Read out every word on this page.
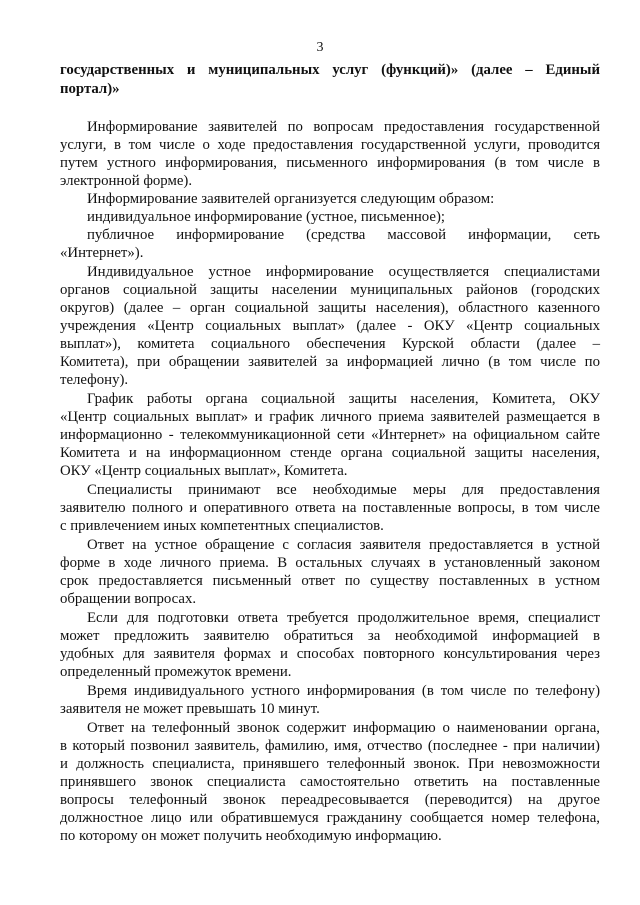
3
государственных и муниципальных услуг (функций)» (далее – Единый
портал)»
Информирование заявителей по вопросам предоставления государственной
услуги, в том числе о ходе предоставления государственной услуги, проводится
путем устного информирования, письменного информирования (в том числе в
электронной форме).
Информирование заявителей организуется следующим образом:
индивидуальное информирование (устное, письменное);
публичное информирование (средства массовой информации, сеть
«Интернет»).
Индивидуальное устное информирование осуществляется специалистами
органов социальной защиты населении муниципальных районов (городских
округов) (далее – орган социальной защиты населения), областного казенного
учреждения «Центр социальных выплат» (далее - ОКУ «Центр социальных
выплат»), комитета социального обеспечения Курской области (далее –
Комитета), при обращении заявителей за информацией лично (в том числе по
телефону).
График работы органа социальной защиты населения, Комитета, ОКУ
«Центр социальных выплат» и график личного приема заявителей размещается в
информационно - телекоммуникационной сети «Интернет» на официальном сайте
Комитета и на информационном стенде органа социальной защиты населения,
ОКУ «Центр социальных выплат», Комитета.
Специалисты принимают все необходимые меры для предоставления
заявителю полного и оперативного ответа на поставленные вопросы, в том числе
с привлечением иных компетентных специалистов.
Ответ на устное обращение с согласия заявителя предоставляется в устной
форме в ходе личного приема. В остальных случаях в установленный законом
срок предоставляется письменный ответ по существу поставленных в устном
обращении вопросах.
Если для подготовки ответа требуется продолжительное время, специалист
может предложить заявителю обратиться за необходимой информацией в
удобных для заявителя формах и способах повторного консультирования через
определенный промежуток времени.
Время индивидуального устного информирования (в том числе по телефону)
заявителя не может превышать 10 минут.
Ответ на телефонный звонок содержит информацию о наименовании органа,
в который позвонил заявитель, фамилию, имя, отчество (последнее - при наличии)
и должность специалиста, принявшего телефонный звонок. При невозможности
принявшего звонок специалиста самостоятельно ответить на поставленные
вопросы телефонный звонок переадресовывается (переводится) на другое
должностное лицо или обратившемуся гражданину сообщается номер телефона,
по которому он может получить необходимую информацию.
